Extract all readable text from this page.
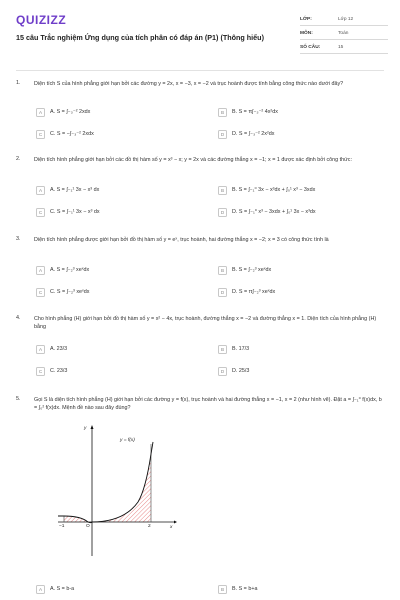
QUIZIZZ
15 câu Trắc nghiệm Ứng dụng của tích phân có đáp án (P1) (Thông hiểu)
LỚP:	Lớp 12
MÔN:	Toán
SỐ CÂU:	15
1.	Diện tích S của hình phẳng giới hạn bởi các đường y = 2x, x = −3, x = −2 và trục hoành được tính bằng công thức nào dưới đây?
A	A. S = ∫₋₃⁻² 2xdx	B	B. S = π∫₋₃⁻² 4x²dx
C	C. S = −∫₋₃⁻² 2xdx	D	D. S = ∫₋₃⁻² 2x²dx
2.	Diện tích hình phẳng giới hạn bởi các đồ thị hàm số y = x³ − x; y = 2x và các đường thẳng x = −1; x = 1 được xác định bởi công thức:
A	A. S = ∫₋₁¹ 3x − x³ dx	B	B. S = ∫₋₁⁰ 3x − x³dx + ∫₀¹ x³ − 3xdx
C	C. S = ∫₋₁¹ 3x − x³ dx	D	D. S = ∫₋₁⁰ x³ − 3xdx + ∫₀¹ 3x − x³dx
3.	Diện tích hình phẳng được giới hạn bởi đồ thị hàm số y = eˣ, trục hoành, hai đường thẳng x = −2; x = 3 có công thức tính là
A	A. S = ∫₋₂³ xeˣdx	B	B. S = ∫₋₂³ xeˣdx
C	C. S = ∫₋₂³ xeˣdx	D	D. S = π∫₋₂³ xeˣdx
4.	Cho hình phẳng (H) giới hạn bởi đồ thị hàm số y = x² − 4x, trục hoành, đường thẳng x = −2 và đường thẳng x = 1. Diện tích của hình phẳng (H) bằng
A	A. 23/3	B	B. 17/3
C	C. 23/3	D	D. 25/3
5.	Gọi S là diện tích hình phẳng (H) giới hạn bởi các đường y = f(x), trục hoành và hai đường thẳng x = −1, x = 2 (như hình vẽ). Đặt a = ∫₋₁⁰ f(x)dx, b = ∫₀² f(x)dx. Mệnh đề nào sau đây đúng?
A	A. S = b-a	B	B. S = b+a
y
x
O
y = f(x)
−1	2
